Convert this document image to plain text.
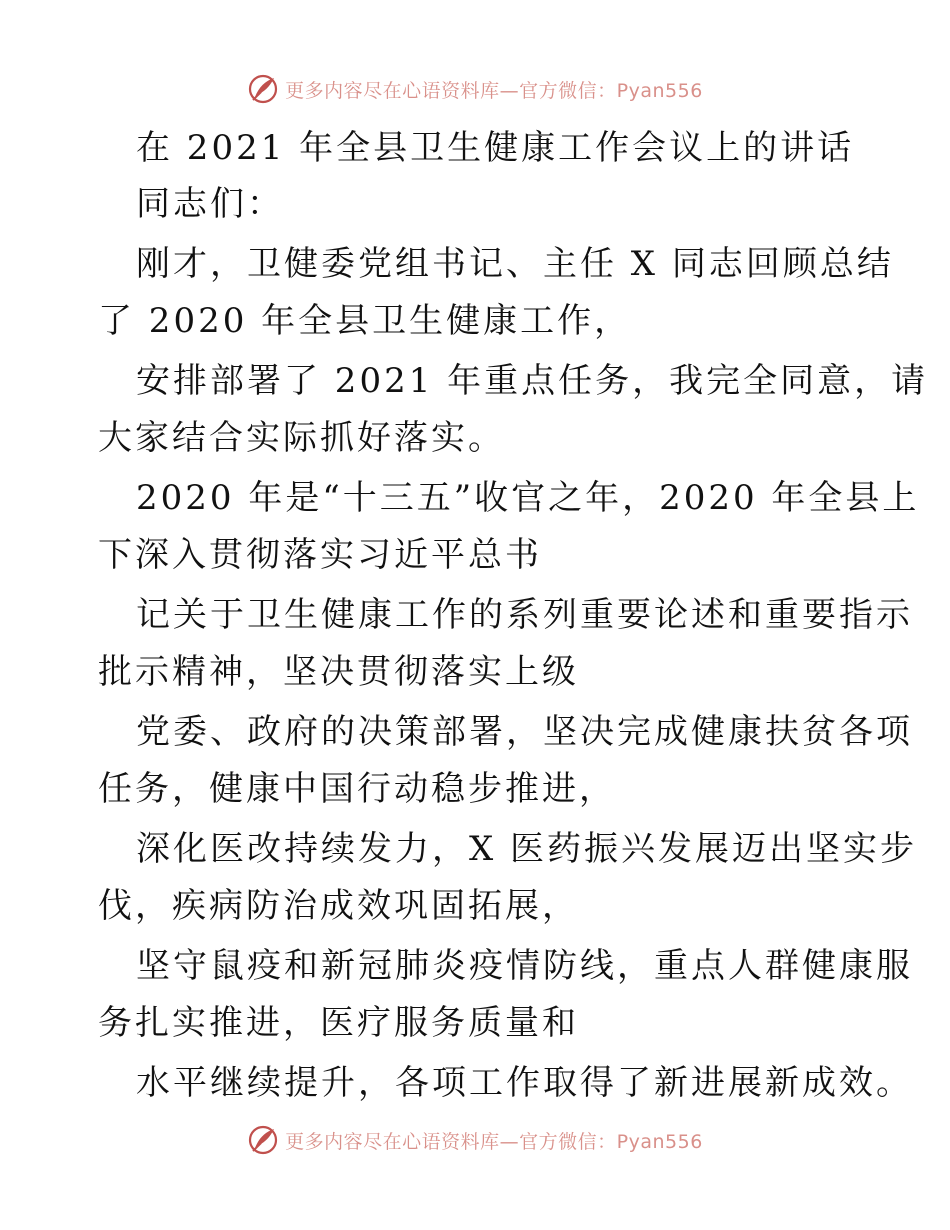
更多内容尽在心语资料库—官方微信：Pyan556
在 2021 年全县卫生健康工作会议上的讲话
同志们：
刚才，卫健委党组书记、主任 X 同志回顾总结
了 2020 年全县卫生健康工作，
安排部署了 2021 年重点任务，我完全同意，请
大家结合实际抓好落实。
2020 年是“十三五”收官之年，2020 年全县上
下深入贯彻落实习近平总书
记关于卫生健康工作的系列重要论述和重要指示
批示精神，坚决贯彻落实上级
党委、政府的决策部署，坚决完成健康扶贫各项
任务，健康中国行动稳步推进，
深化医改持续发力，X 医药振兴发展迈出坚实步
伐，疾病防治成效巩固拓展，
坚守鼠疫和新冠肺炎疫情防线，重点人群健康服
务扎实推进，医疗服务质量和
水平继续提升，各项工作取得了新进展新成效。
更多内容尽在心语资料库—官方微信：Pyan556
